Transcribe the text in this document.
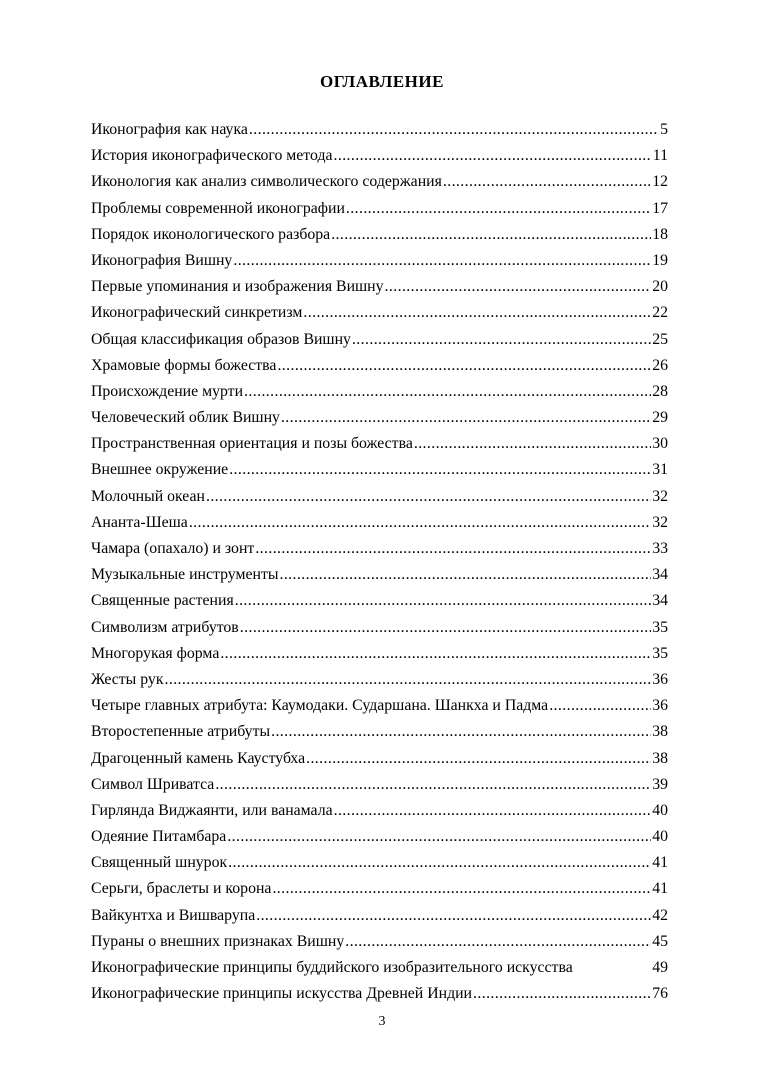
ОГЛАВЛЕНИЕ
Иконография как наука .....	5
История иконографического метода .....	11
Иконология как анализ символического содержания .....	12
Проблемы современной иконографии .....	17
Порядок иконологического разбора .....	18
Иконография Вишну .....	19
Первые упоминания и изображения Вишну .....	20
Иконографический синкретизм .....	22
Общая классификация образов Вишну .....	25
Храмовые формы божества .....	26
Происхождение мурти .....	28
Человеческий облик Вишну .....	29
Пространственная ориентация и позы божества .....	30
Внешнее окружение .....	31
Молочный океан .....	32
Ананта-Шеша .....	32
Чамара (опахало) и зонт .....	33
Музыкальные инструменты .....	34
Священные растения .....	34
Символизм атрибутов .....	35
Многорукая форма .....	35
Жесты рук .....	36
Четыре главных атрибута: Каумодаки. Сударшана. Шанкха и Падма .....	36
Второстепенные атрибуты .....	38
Драгоценный камень Каустубха .....	38
Символ Шриватса .....	39
Гирлянда Виджаянти, или ванамала .....	40
Одеяние Питамбара .....	40
Священный шнурок .....	41
Серьги, браслеты и корона .....	41
Вайкунтха и Вишварупа .....	42
Пураны о внешних признаках Вишну .....	45
Иконографические принципы буддийского изобразительного искусства	49
Иконографические принципы искусства Древней Индии .....	76
3
